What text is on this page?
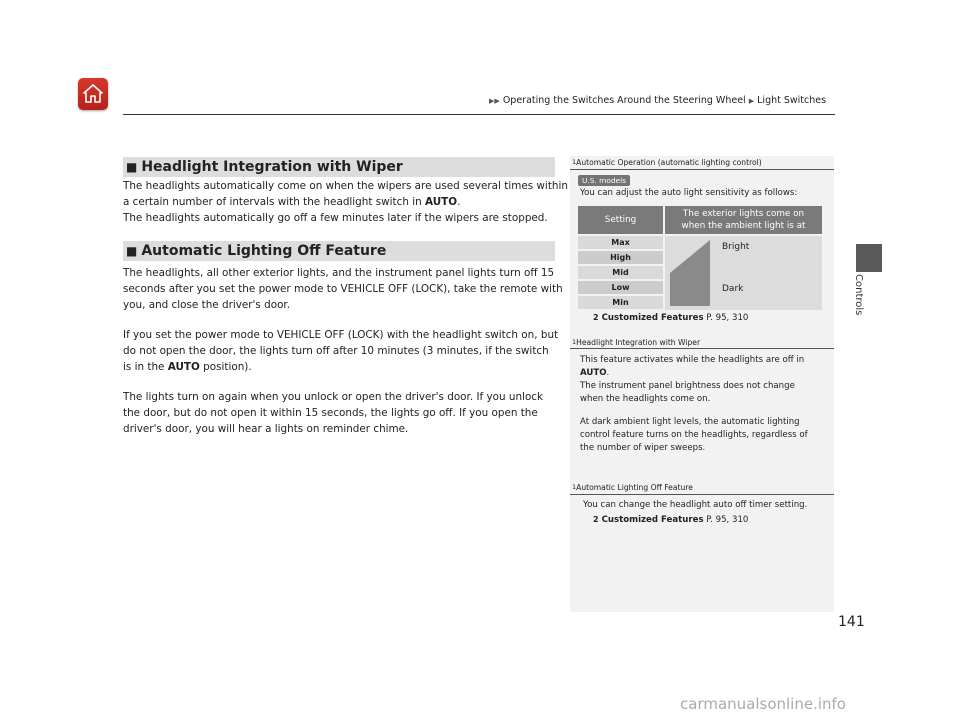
▶▶ Operating the Switches Around the Steering Wheel ▶ Light Switches
Controls
141
■ Headlight Integration with Wiper
The headlights automatically come on when the wipers are used several times within
a certain number of intervals with the headlight switch in AUTO.
The headlights automatically go off a few minutes later if the wipers are stopped.
■ Automatic Lighting Off Feature
The headlights, all other exterior lights, and the instrument panel lights turn off 15
seconds after you set the power mode to VEHICLE OFF (LOCK), take the remote with
you, and close the driver's door.
If you set the power mode to VEHICLE OFF (LOCK) with the headlight switch on, but
do not open the door, the lights turn off after 10 minutes (3 minutes, if the switch
is in the AUTO position).
The lights turn on again when you unlock or open the driver's door. If you unlock
the door, but do not open it within 15 seconds, the lights go off. If you open the
driver's door, you will hear a lights on reminder chime.
1Automatic Operation (automatic lighting control)
U.S. models
You can adjust the auto light sensitivity as follows:
Setting
The exterior lights come on
when the ambient light is at
Max
High
Mid
Low
Min
Bright
Dark
2 Customized Features P. 95, 310
1Headlight Integration with Wiper
This feature activates while the headlights are off in
AUTO.
The instrument panel brightness does not change
when the headlights come on.
At dark ambient light levels, the automatic lighting
control feature turns on the headlights, regardless of
the number of wiper sweeps.
1Automatic Lighting Off Feature
You can change the headlight auto off timer setting.
2 Customized Features P. 95, 310
carmanualsonline.info
